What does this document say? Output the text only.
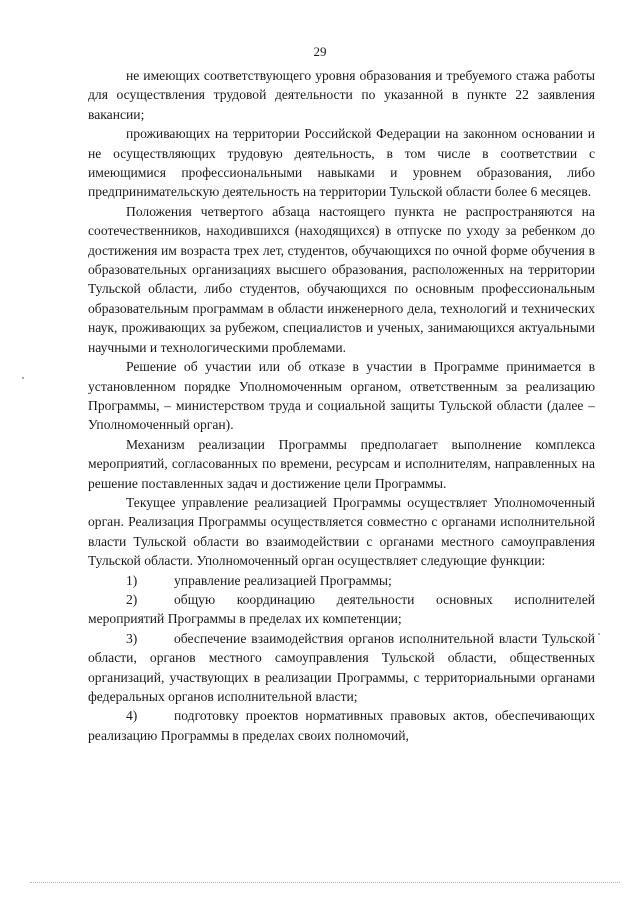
29

не имеющих соответствующего уровня образования и требуемого стажа работы для осуществления трудовой деятельности по указанной в пункте 22 заявления вакансии;

проживающих на территории Российской Федерации на законном основании и не осуществляющих трудовую деятельность, в том числе в соответствии с имеющимися профессиональными навыками и уровнем образования, либо предпринимательскую деятельность на территории Тульской области более 6 месяцев.

Положения четвертого абзаца настоящего пункта не распространяются на соотечественников, находившихся (находящихся) в отпуске по уходу за ребенком до достижения им возраста трех лет, студентов, обучающихся по очной форме обучения в образовательных организациях высшего образования, расположенных на территории Тульской области, либо студентов, обучающихся по основным профессиональным образовательным программам в области инженерного дела, технологий и технических наук, проживающих за рубежом, специалистов и ученых, занимающихся актуальными научными и технологическими проблемами.

Решение об участии или об отказе в участии в Программе принимается в установленном порядке Уполномоченным органом, ответственным за реализацию Программы, – министерством труда и социальной защиты Тульской области (далее – Уполномоченный орган).

Механизм реализации Программы предполагает выполнение комплекса мероприятий, согласованных по времени, ресурсам и исполнителям, направленных на решение поставленных задач и достижение цели Программы.

Текущее управление реализацией Программы осуществляет Уполномоченный орган. Реализация Программы осуществляется совместно с органами исполнительной власти Тульской области во взаимодействии с органами местного самоуправления Тульской области. Уполномоченный орган осуществляет следующие функции:

1)	управление реализацией Программы;

2)	общую координацию деятельности основных исполнителей мероприятий Программы в пределах их компетенции;

3)	обеспечение взаимодействия органов исполнительной власти Тульской области, органов местного самоуправления Тульской области, общественных организаций, участвующих в реализации Программы, с территориальными органами федеральных органов исполнительной власти;

4)	подготовку проектов нормативных правовых актов, обеспечивающих реализацию Программы в пределах своих полномочий,
